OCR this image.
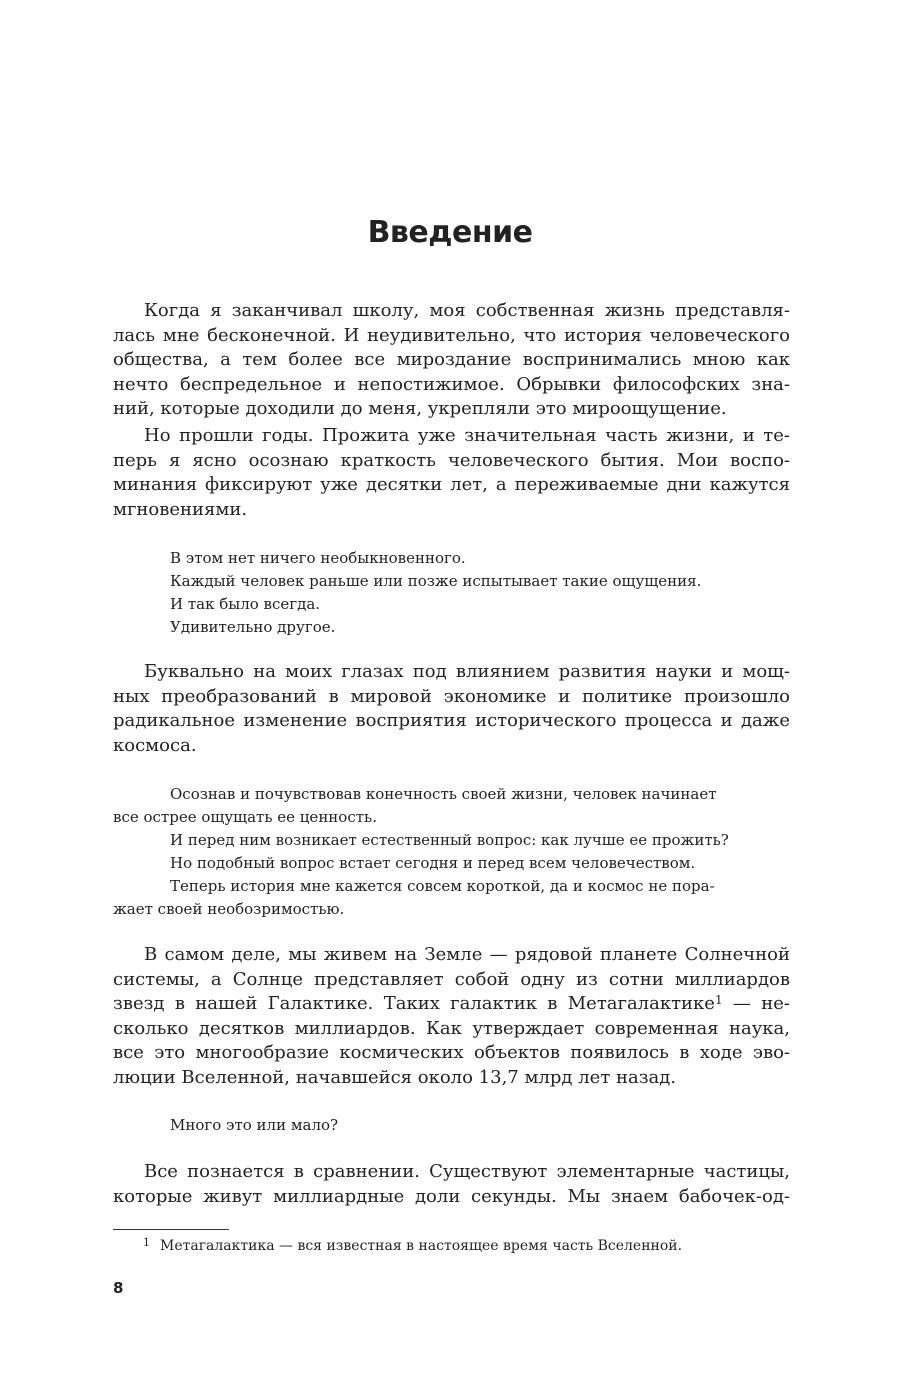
Введение
Когда я заканчивал школу, моя собственная жизнь представля-
лась мне бесконечной. И неудивительно, что история человеческого
общества, а тем более все мироздание воспринимались мною как
нечто беспредельное и непостижимое. Обрывки философских зна-
ний, которые доходили до меня, укрепляли это мироощущение.
Но прошли годы. Прожита уже значительная часть жизни, и те-
перь я ясно осознаю краткость человеческого бытия. Мои воспо-
минания фиксируют уже десятки лет, а переживаемые дни кажутся
мгновениями.
В этом нет ничего необыкновенного.
Каждый человек раньше или позже испытывает такие ощущения.
И так было всегда.
Удивительно другое.
Буквально на моих глазах под влиянием развития науки и мощ-
ных преобразований в мировой экономике и политике произошло
радикальное изменение восприятия исторического процесса и даже
космоса.
Осознав и почувствовав конечность своей жизни, человек начинает
все острее ощущать ее ценность.
И перед ним возникает естественный вопрос: как лучше ее прожить?
Но подобный вопрос встает сегодня и перед всем человечеством.
Теперь история мне кажется совсем короткой, да и космос не пора-
жает своей необозримостью.
В самом деле, мы живем на Земле — рядовой планете Солнечной
системы, а Солнце представляет собой одну из сотни миллиардов
звезд в нашей Галактике. Таких галактик в Метагалактике$^1$ — не-
сколько десятков миллиардов. Как утверждает современная наука,
все это многообразие космических объектов появилось в ходе эво-
люции Вселенной, начавшейся около 13,7 млрд лет назад.
Много это или мало?
Все познается в сравнении. Существуют элементарные частицы,
которые живут миллиардные доли секунды. Мы знаем бабочек-од-
$^1$ Метагалактика — вся известная в настоящее время часть Вселенной.
8
